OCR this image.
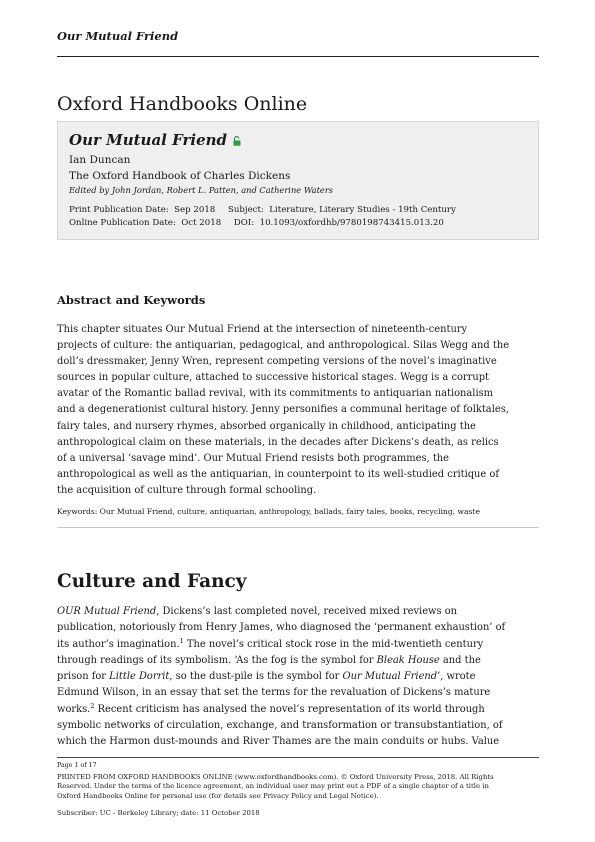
Our Mutual Friend
Oxford Handbooks Online
Our Mutual Friend
Ian Duncan
The Oxford Handbook of Charles Dickens
Edited by John Jordan, Robert L. Patten, and Catherine Waters
Print Publication Date: Sep 2018 Subject: Literature, Literary Studies - 19th Century
Online Publication Date: Oct 2018 DOI: 10.1093/oxfordhb/9780198743415.013.20
Abstract and Keywords

This chapter situates Our Mutual Friend at the intersection of nineteenth-century
projects of culture: the antiquarian, pedagogical, and anthropological. Silas Wegg and the
doll’s dressmaker, Jenny Wren, represent competing versions of the novel’s imaginative
sources in popular culture, attached to successive historical stages. Wegg is a corrupt
avatar of the Romantic ballad revival, with its commitments to antiquarian nationalism
and a degenerationist cultural history. Jenny personifies a communal heritage of folktales,
fairy tales, and nursery rhymes, absorbed organically in childhood, anticipating the
anthropological claim on these materials, in the decades after Dickens’s death, as relics
of a universal ‘savage mind’. Our Mutual Friend resists both programmes, the
anthropological as well as the antiquarian, in counterpoint to its well-studied critique of
the acquisition of culture through formal schooling.

Keywords: Our Mutual Friend, culture, antiquarian, anthropology, ballads, fairy tales, books, recycling, waste
Culture and Fancy

OUR Mutual Friend, Dickens’s last completed novel, received mixed reviews on
publication, notoriously from Henry James, who diagnosed the ‘permanent exhaustion’ of
its author’s imagination.$^1$ The novel’s critical stock rose in the mid-twentieth century
through readings of its symbolism. ‘As the fog is the symbol for Bleak House and the
prison for Little Dorrit, so the dust-pile is the symbol for Our Mutual Friend’, wrote
Edmund Wilson, in an essay that set the terms for the revaluation of Dickens’s mature
works.$^2$ Recent criticism has analysed the novel’s representation of its world through
symbolic networks of circulation, exchange, and transformation or transubstantiation, of
which the Harmon dust-mounds and River Thames are the main conduits or hubs. Value

Page 1 of 17

PRINTED FROM OXFORD HANDBOOKS ONLINE (www.oxfordhandbooks.com). © Oxford University Press, 2018. All Rights
Reserved. Under the terms of the licence agreement, an individual user may print out a PDF of a single chapter of a title in
Oxford Handbooks Online for personal use (for details see Privacy Policy and Legal Notice).

Subscriber: UC - Berkeley Library; date: 11 October 2018
